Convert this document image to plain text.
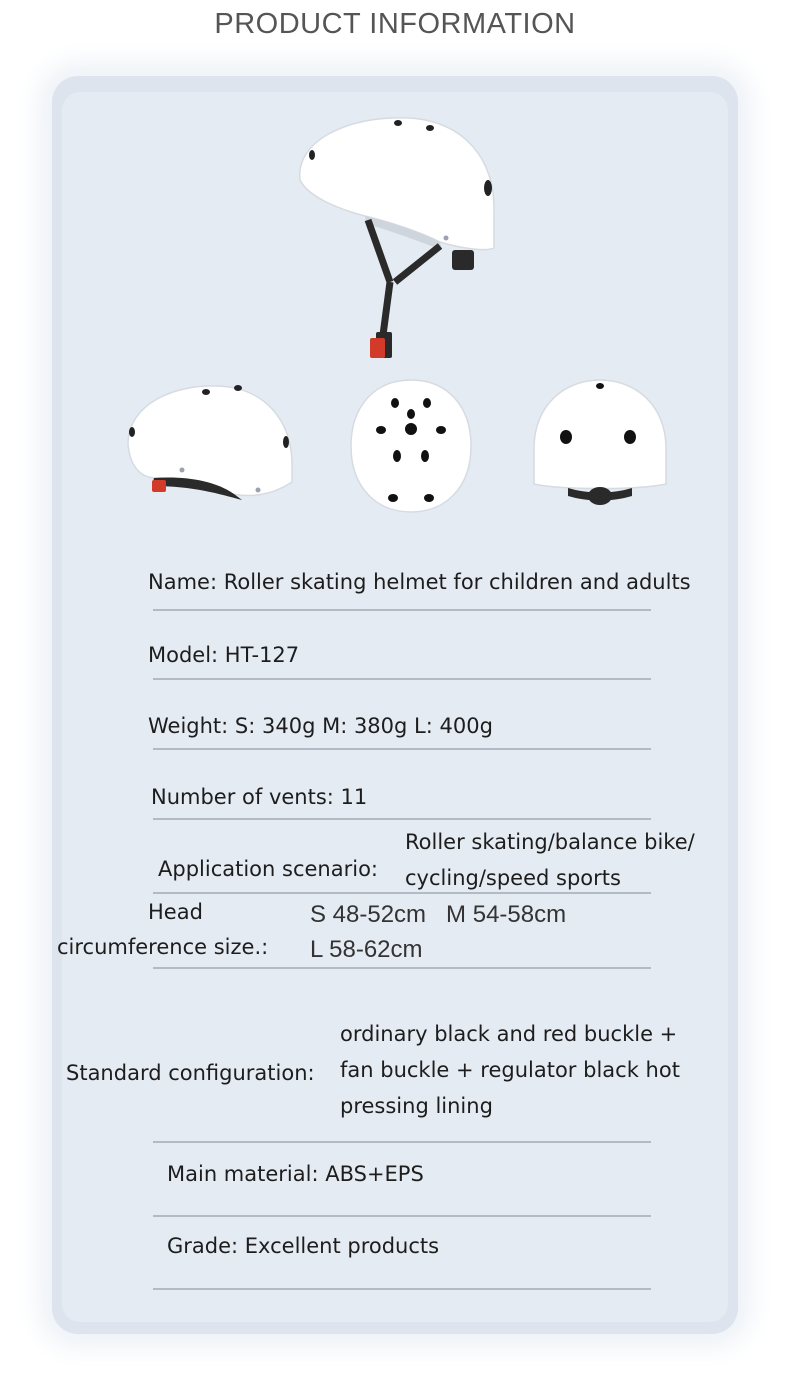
PRODUCT INFORMATION
Name: Roller skating helmet for children and adults
Model: HT-127
Weight: S: 340g M: 380g L: 400g
Number of vents: 11
Application scenario:
Roller skating/balance bike/
cycling/speed sports
Head
circumference size.:
S 48-52cm   M 54-58cm
L 58-62cm
Standard configuration:
ordinary black and red buckle +
fan buckle + regulator black hot
pressing lining
Main material: ABS+EPS
Grade: Excellent products
